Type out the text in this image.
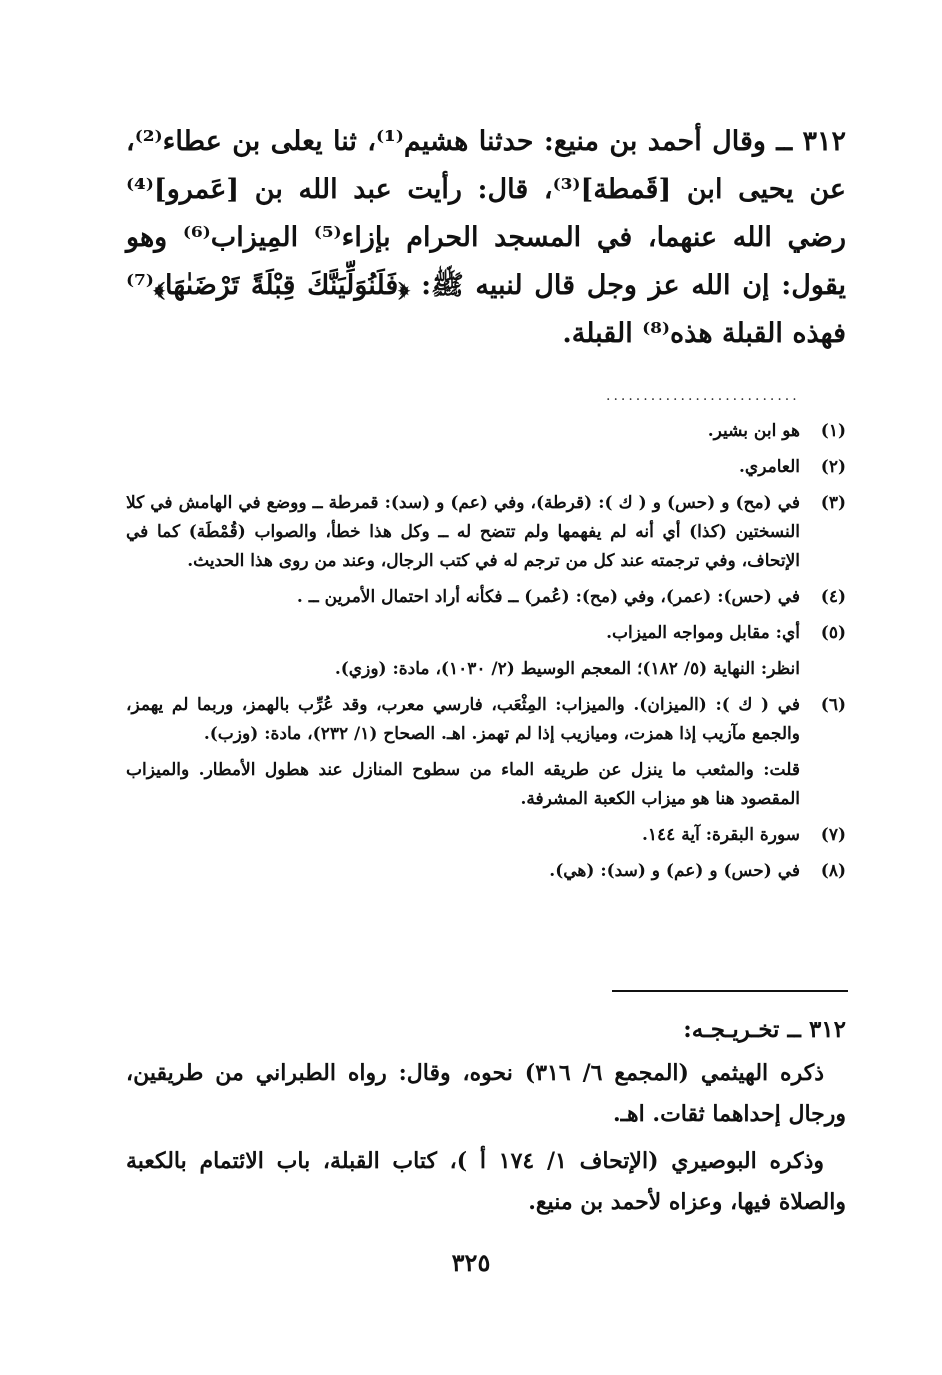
٣١٢ ــ وقال أحمد بن منيع: حدثنا هشيم⁽¹⁾، ثنا يعلى بن عطاء⁽²⁾، عن يحيى ابن [قَمطة]⁽³⁾، قال: رأيت عبد الله بن [عَمرو]⁽⁴⁾ رضي الله عنهما، في المسجد الحرام بإزاء⁽⁵⁾ المِيزاب⁽⁶⁾ وهو يقول: إن الله عز وجل قال لنبيه ﷺ: ﴿فَلَنُوَلِّيَنَّكَ قِبْلَةً تَرْضَىٰهَا﴾⁽⁷⁾ فهذه القبلة هذه⁽⁸⁾ القبلة.

..........................
(١)
هو ابن بشير.
(٢)
العامري.
(٣)
في (مح) و (حس) و ( ك ): (قرطة)، وفي (عم) و (سد): قمرطة ــ ووضع في الهامش في كلا النسختين (كذا) أي أنه لم يفهمها ولم تتضح له ــ وكل هذا خطأ، والصواب (قُمْطَة) كما في الإتحاف، وفي ترجمته عند كل من ترجم له في كتب الرجال، وعند من روى هذا الحديث.
(٤)
في (حس): (عمر)، وفي (مح): (عُمر) ــ فكأنه أراد احتمال الأمرين ــ .
(٥)
أي: مقابل ومواجه الميزاب.
انظر: النهاية (٥/ ١٨٢)؛ المعجم الوسيط (٢/ ١٠٣٠)، مادة: (وزي).
(٦)
في ( ك ): (الميزان). والميزاب: المِثْعَب، فارسي معرب، وقد عُرِّب بالهمز، وربما لم يهمز، والجمع مآزيب إذا همزت، وميازيب إذا لم تهمز. اهـ. الصحاح (١/ ٢٣٢)، مادة: (وزب).
قلت: والمثعب ما ينزل عن طريقه الماء من سطوح المنازل عند هطول الأمطار. والميزاب المقصود هنا هو ميزاب الكعبة المشرفة.
(٧)
سورة البقرة: آية ١٤٤.
(٨)
في (حس) و (عم) و (سد): (هي).
٣١٢ ــ تخـريـجـه:

ذكره الهيثمي (المجمع ٦/ ٣١٦) نحوه، وقال: رواه الطبراني من طريقين، ورجال إحداهما ثقات. اهـ.

وذكره البوصيري (الإتحاف ١/ ١٧٤ أ )، كتاب القبلة، باب الائتمام بالكعبة والصلاة فيها، وعزاه لأحمد بن منيع.

٣٢٥
